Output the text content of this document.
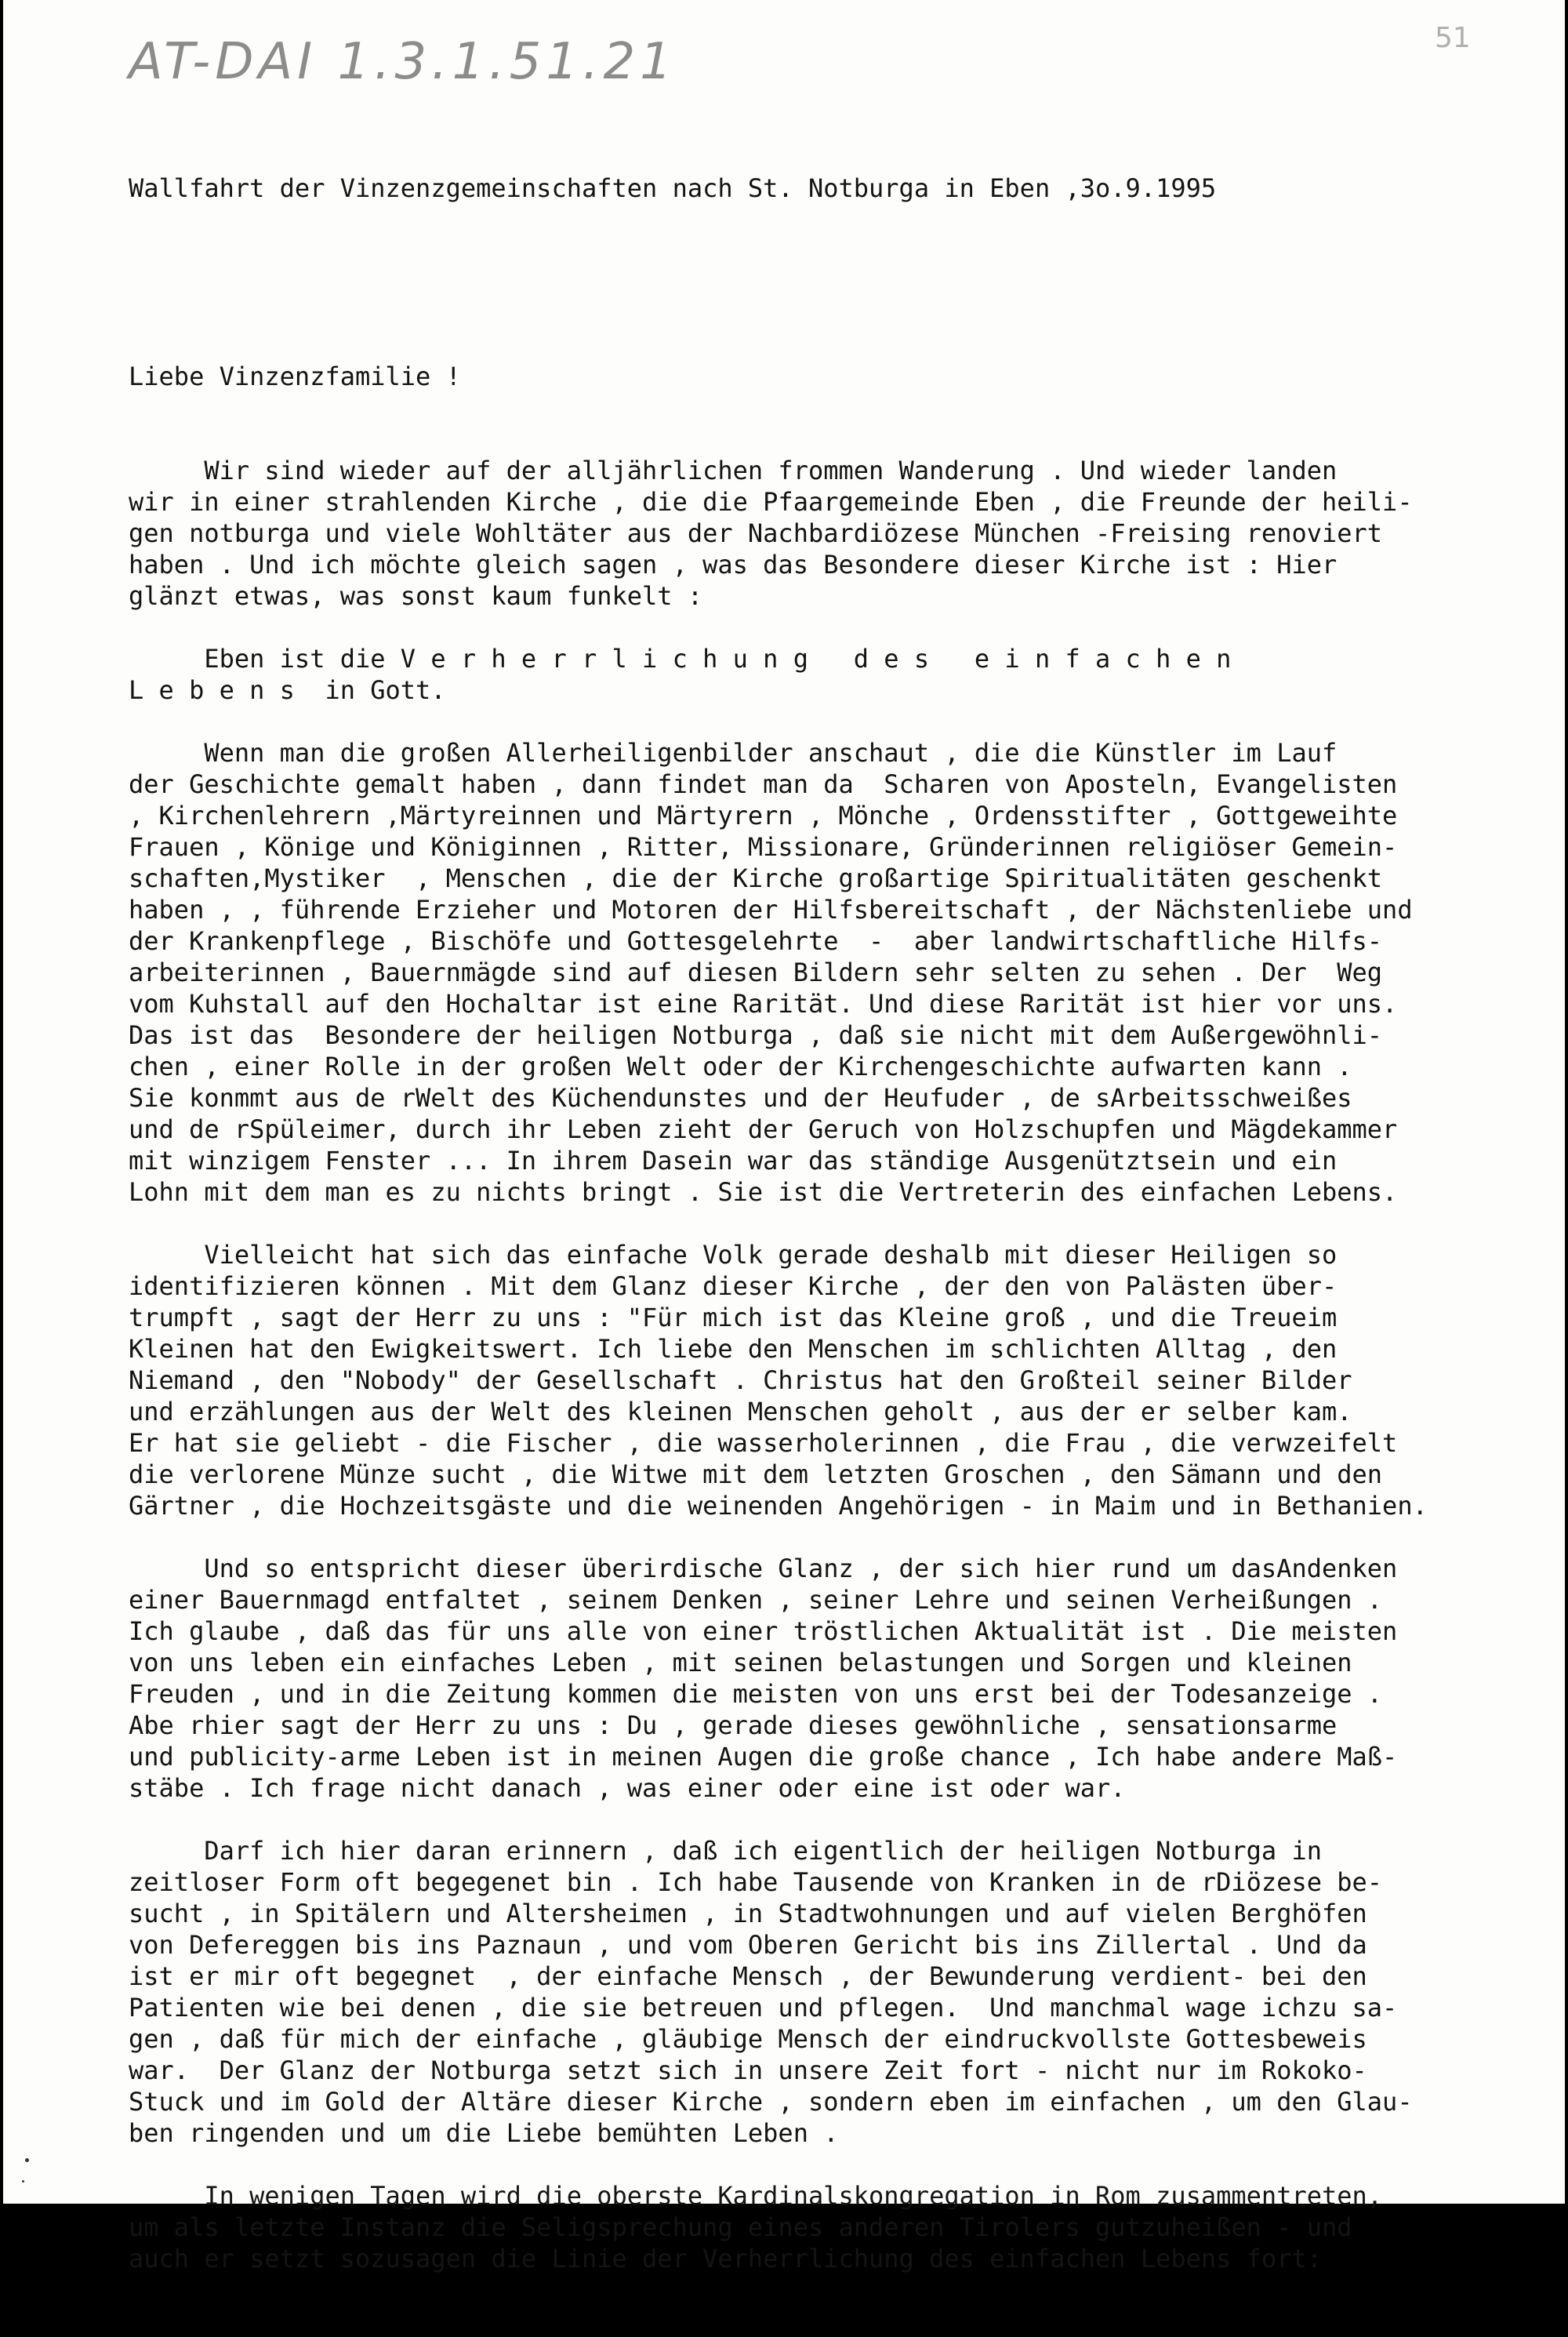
AT-DAI 1.3.1.51.21	51

Wallfahrt der Vinzenzgemeinschaften nach St. Notburga in Eben ,3o.9.1995

Liebe Vinzenzfamilie !

Wir sind wieder auf der alljährlichen frommen Wanderung . Und wieder landen
wir in einer strahlenden Kirche , die die Pfaargemeinde Eben , die Freunde der heili-
gen notburga und viele Wohltäter aus der Nachbardiözese München -Freising renoviert
haben . Und ich möchte gleich sagen , was das Besondere dieser Kirche ist : Hier
glänzt etwas, was sonst kaum funkelt :
Eben ist die V e r h e r r l i c h u n g   d e s   e i n f a c h e n
L e b e n s  in Gott.
Wenn man die großen Allerheiligenbilder anschaut , die die Künstler im Lauf
der Geschichte gemalt haben , dann findet man da  Scharen von Aposteln, Evangelisten
, Kirchenlehrern ,Märtyreinnen und Märtyrern , Mönche , Ordensstifter , Gottgeweihte
Frauen , Könige und Königinnen , Ritter, Missionare, Gründerinnen religiöser Gemein-
schaften,Mystiker  , Menschen , die der Kirche großartige Spiritualitäten geschenkt
haben , , führende Erzieher und Motoren der Hilfsbereitschaft , der Nächstenliebe und
der Krankenpflege , Bischöfe und Gottesgelehrte  -  aber landwirtschaftliche Hilfs-
arbeiterinnen , Bauernmägde sind auf diesen Bildern sehr selten zu sehen . Der  Weg
vom Kuhstall auf den Hochaltar ist eine Rarität. Und diese Rarität ist hier vor uns.
Das ist das  Besondere der heiligen Notburga , daß sie nicht mit dem Außergewöhnli-
chen , einer Rolle in der großen Welt oder der Kirchengeschichte aufwarten kann .
Sie konmmt aus de rWelt des Küchendunstes und der Heufuder , de sArbeitsschweißes
und de rSpüleimer, durch ihr Leben zieht der Geruch von Holzschupfen und Mägdekammer
mit winzigem Fenster ... In ihrem Dasein war das ständige Ausgenütztsein und ein
Lohn mit dem man es zu nichts bringt . Sie ist die Vertreterin des einfachen Lebens.
Vielleicht hat sich das einfache Volk gerade deshalb mit dieser Heiligen so
identifizieren können . Mit dem Glanz dieser Kirche , der den von Palästen über-
trumpft , sagt der Herr zu uns : "Für mich ist das Kleine groß , und die Treueim
Kleinen hat den Ewigkeitswert. Ich liebe den Menschen im schlichten Alltag , den
Niemand , den "Nobody" der Gesellschaft . Christus hat den Großteil seiner Bilder
und erzählungen aus der Welt des kleinen Menschen geholt , aus der er selber kam.
Er hat sie geliebt - die Fischer , die wasserholerinnen , die Frau , die verwzeifelt
die verlorene Münze sucht , die Witwe mit dem letzten Groschen , den Sämann und den
Gärtner , die Hochzeitsgäste und die weinenden Angehörigen - in Maim und in Bethanien.
Und so entspricht dieser überirdische Glanz , der sich hier rund um dasAndenken
einer Bauernmagd entfaltet , seinem Denken , seiner Lehre und seinen Verheißungen .
Ich glaube , daß das für uns alle von einer tröstlichen Aktualität ist . Die meisten
von uns leben ein einfaches Leben , mit seinen belastungen und Sorgen und kleinen
Freuden , und in die Zeitung kommen die meisten von uns erst bei der Todesanzeige .
Abe rhier sagt der Herr zu uns : Du , gerade dieses gewöhnliche , sensationsarme
und publicity-arme Leben ist in meinen Augen die große chance , Ich habe andere Maß-
stäbe . Ich frage nicht danach , was einer oder eine ist oder war.
Darf ich hier daran erinnern , daß ich eigentlich der heiligen Notburga in
zeitloser Form oft begegenet bin . Ich habe Tausende von Kranken in de rDiözese be-
sucht , in Spitälern und Altersheimen , in Stadtwohnungen und auf vielen Berghöfen
von Defereggen bis ins Paznaun , und vom Oberen Gericht bis ins Zillertal . Und da
ist er mir oft begegnet  , der einfache Mensch , der Bewunderung verdient- bei den
Patienten wie bei denen , die sie betreuen und pflegen.  Und manchmal wage ichzu sa-
gen , daß für mich der einfache , gläubige Mensch der eindruckvollste Gottesbeweis
war.  Der Glanz der Notburga setzt sich in unsere Zeit fort - nicht nur im Rokoko-
Stuck und im Gold der Altäre dieser Kirche , sondern eben im einfachen , um den Glau-
ben ringenden und um die Liebe bemühten Leben .
In wenigen Tagen wird die oberste Kardinalskongregation in Rom zusammentreten,
um als letzte Instanz die Seligsprechung eines anderen Tirolers gutzuheißen - und
auch er setzt sozusagen die Linie der Verherrlichung des einfachen Lebens fort:
